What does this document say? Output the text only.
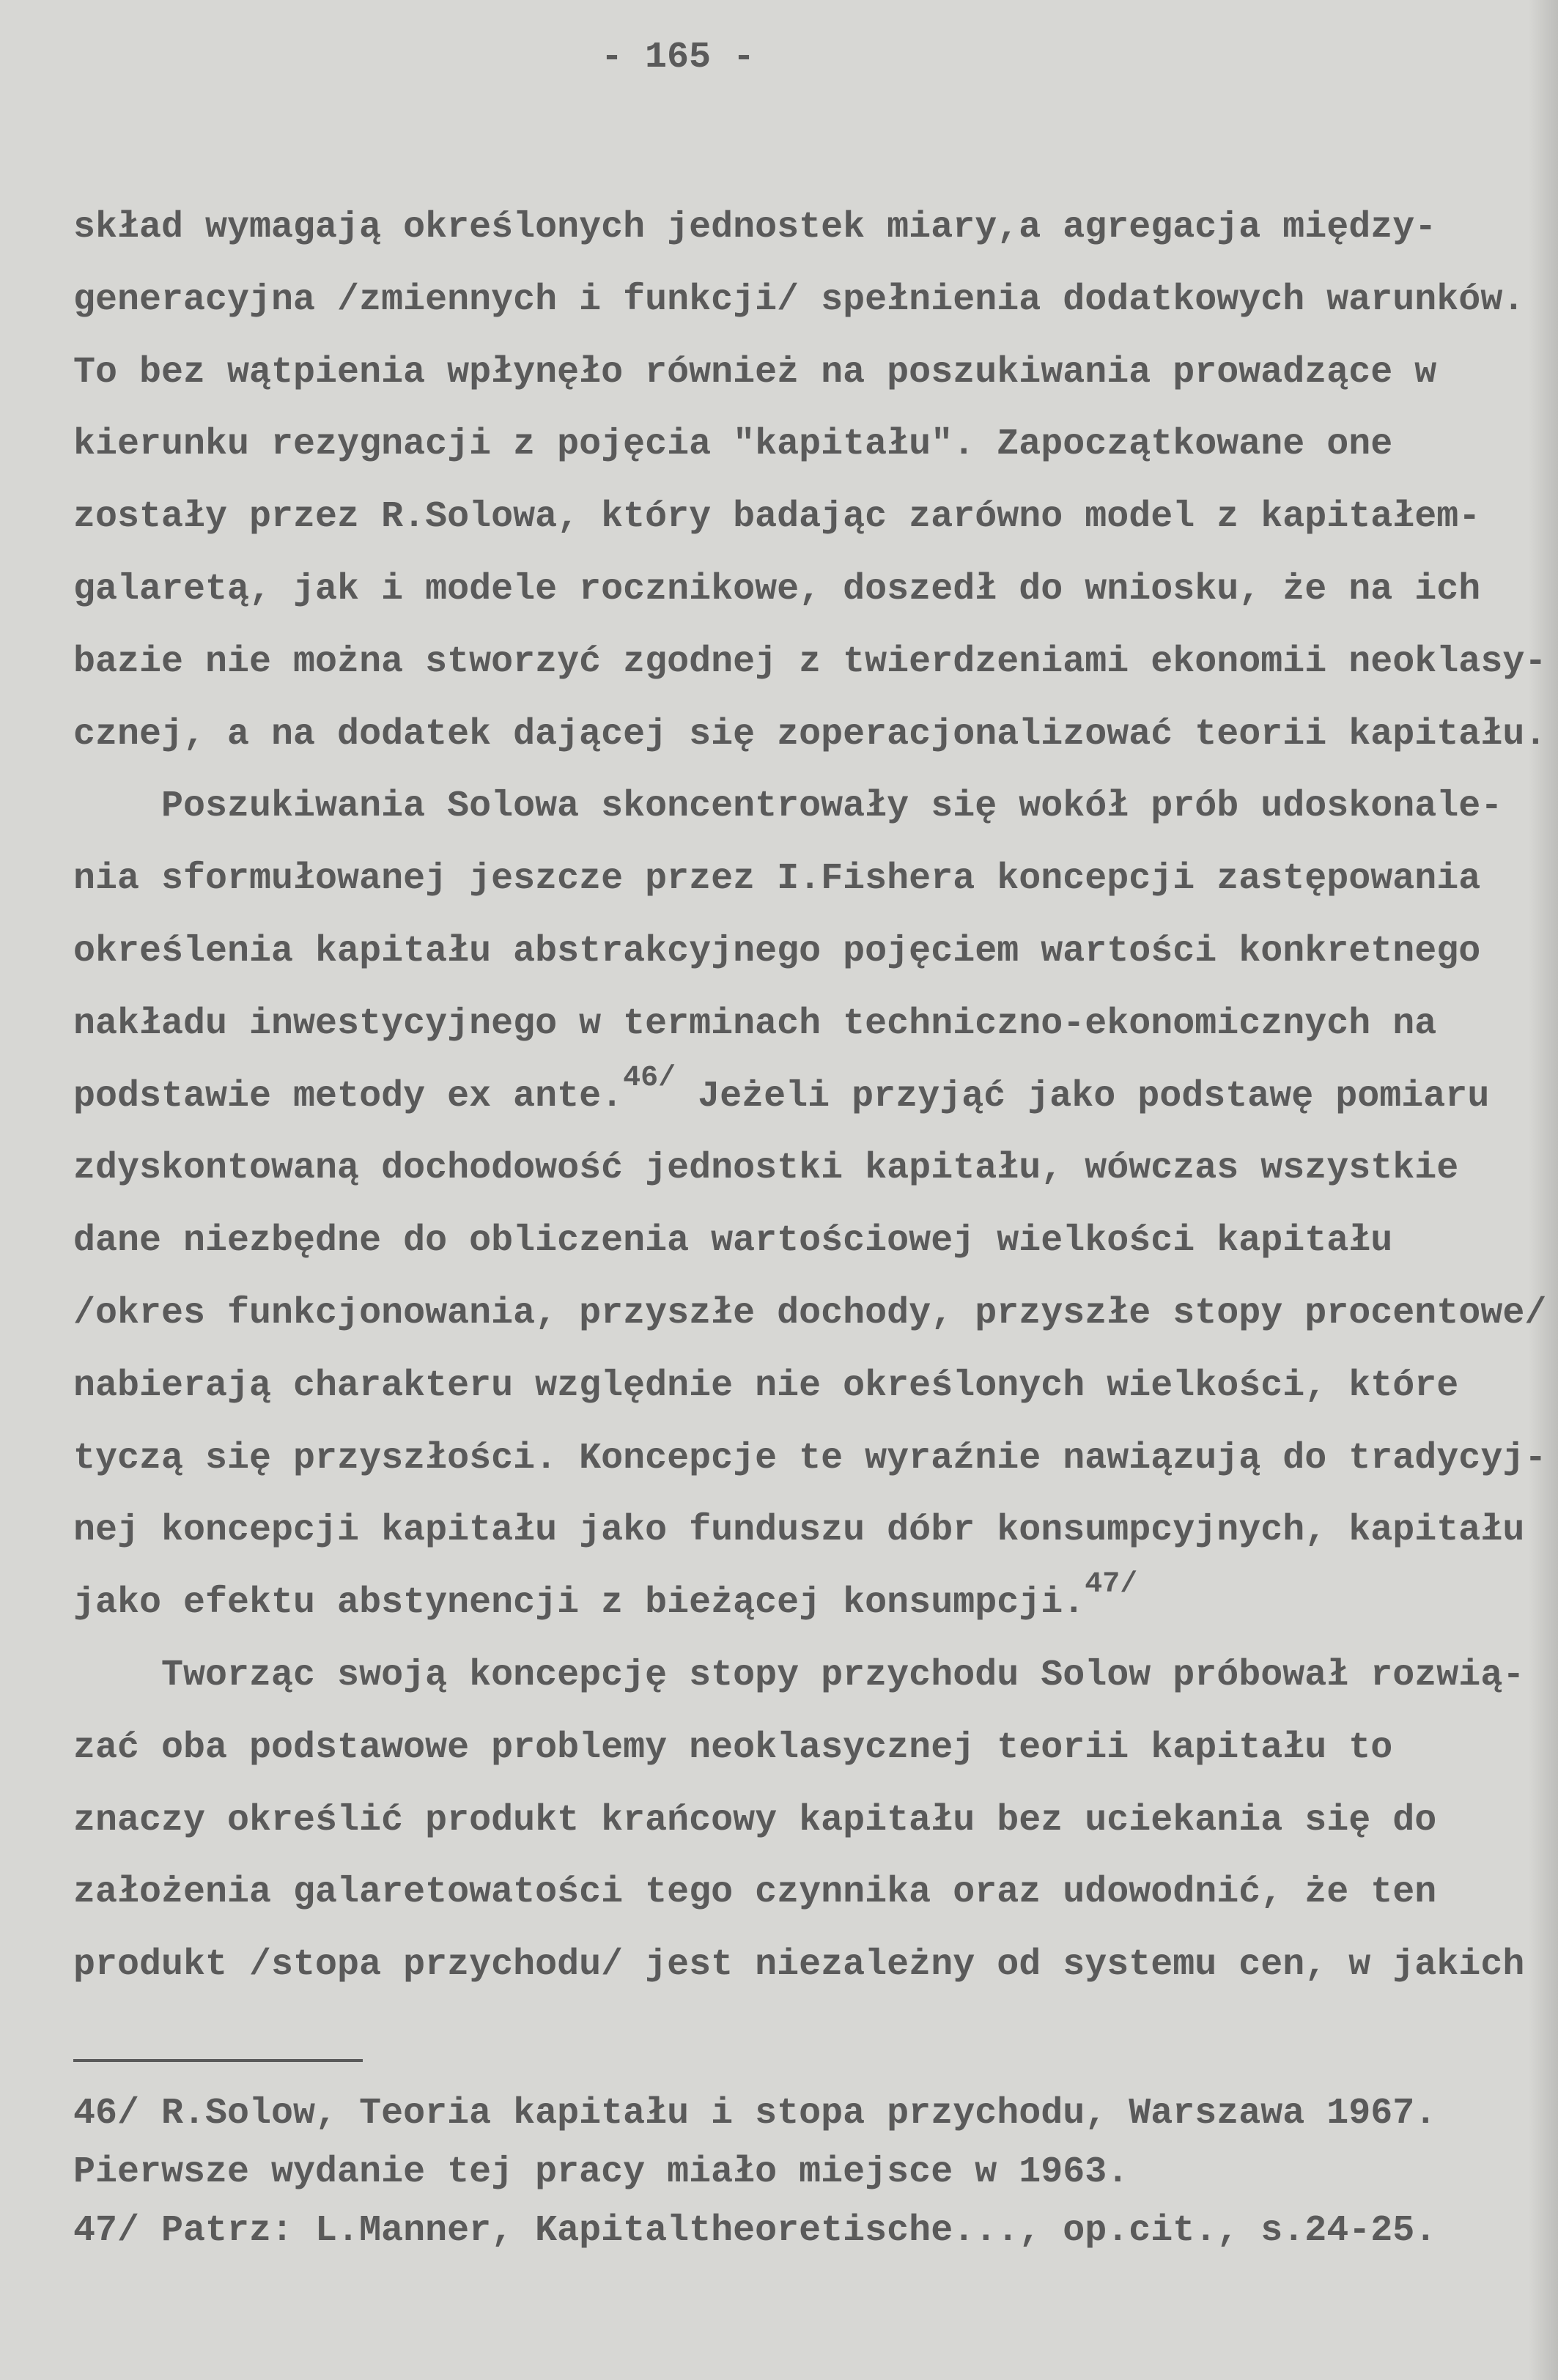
- 165 -
skład wymagają określonych jednostek miary,a agregacja między-
generacyjna /zmiennych i funkcji/ spełnienia dodatkowych warunków.
To bez wątpienia wpłynęło również na poszukiwania prowadzące w
kierunku rezygnacji z pojęcia "kapitału". Zapoczątkowane one
zostały przez R.Solowa, który badając zarówno model z kapitałem-
galaretą, jak i modele rocznikowe, doszedł do wniosku, że na ich
bazie nie można stworzyć zgodnej z twierdzeniami ekonomii neoklasy-
cznej, a na dodatek dającej się zoperacjonalizować teorii kapitału.
Poszukiwania Solowa skoncentrowały się wokół prób udoskonale-
nia sformułowanej jeszcze przez I.Fishera koncepcji zastępowania
określenia kapitału abstrakcyjnego pojęciem wartości konkretnego
nakładu inwestycyjnego w terminach techniczno-ekonomicznych na
podstawie metody ex ante.$^{46/}$ Jeżeli przyjąć jako podstawę pomiaru
zdyskontowaną dochodowość jednostki kapitału, wówczas wszystkie
dane niezbędne do obliczenia wartościowej wielkości kapitału
/okres funkcjonowania, przyszłe dochody, przyszłe stopy procentowe/
nabierają charakteru względnie nie określonych wielkości, które
tyczą się przyszłości. Koncepcje te wyraźnie nawiązują do tradycyj-
nej koncepcji kapitału jako funduszu dóbr konsumpcyjnych, kapitału
jako efektu abstynencji z bieżącej konsumpcji.$^{47/}$
Tworząc swoją koncepcję stopy przychodu Solow próbował rozwią-
zać oba podstawowe problemy neoklasycznej teorii kapitału to
znaczy określić produkt krańcowy kapitału bez uciekania się do
założenia galaretowatości tego czynnika oraz udowodnić, że ten
produkt /stopa przychodu/ jest niezależny od systemu cen, w jakich
46/ R.Solow, Teoria kapitału i stopa przychodu, Warszawa 1967.
Pierwsze wydanie tej pracy miało miejsce w 1963.
47/ Patrz: L.Manner, Kapitaltheoretische..., op.cit., s.24-25.
